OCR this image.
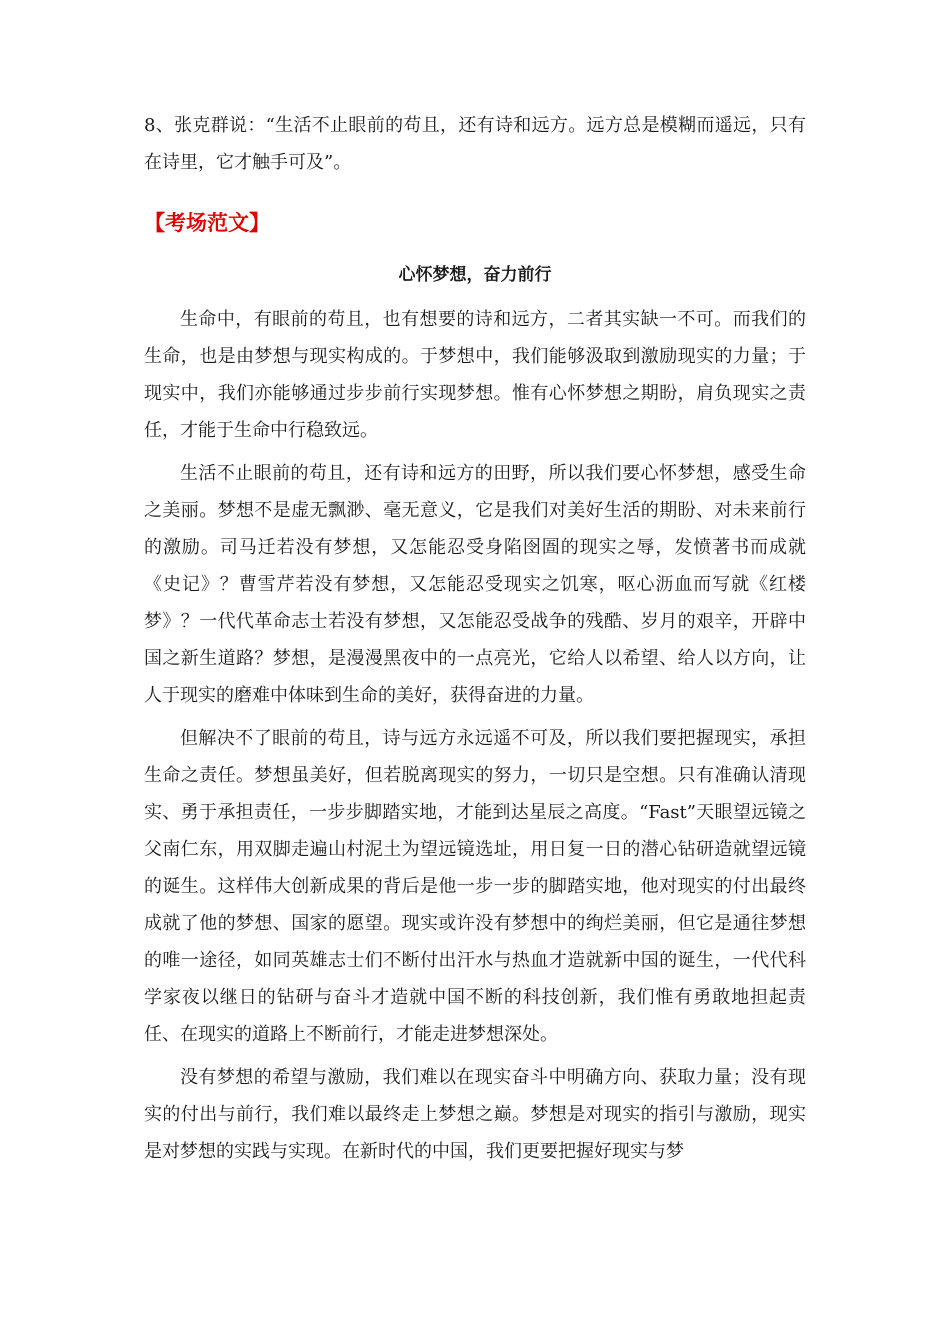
8、张克群说：“生活不止眼前的苟且，还有诗和远方。远方总是模糊而遥远，只有在诗里，它才触手可及”。

【考场范文】
心怀梦想，奋力前行

生命中，有眼前的苟且，也有想要的诗和远方，二者其实缺一不可。而我们的生命，也是由梦想与现实构成的。于梦想中，我们能够汲取到激励现实的力量；于现实中，我们亦能够通过步步前行实现梦想。惟有心怀梦想之期盼，肩负现实之责任，才能于生命中行稳致远。

生活不止眼前的苟且，还有诗和远方的田野，所以我们要心怀梦想，感受生命之美丽。梦想不是虚无飘渺、毫无意义，它是我们对美好生活的期盼、对未来前行的激励。司马迁若没有梦想，又怎能忍受身陷囹圄的现实之辱，发愤著书而成就《史记》？曹雪芹若没有梦想，又怎能忍受现实之饥寒，呕心沥血而写就《红楼梦》？一代代革命志士若没有梦想，又怎能忍受战争的残酷、岁月的艰辛，开辟中国之新生道路？梦想，是漫漫黑夜中的一点亮光，它给人以希望、给人以方向，让人于现实的磨难中体味到生命的美好，获得奋进的力量。

但解决不了眼前的苟且，诗与远方永远遥不可及，所以我们要把握现实，承担生命之责任。梦想虽美好，但若脱离现实的努力，一切只是空想。只有准确认清现实、勇于承担责任，一步步脚踏实地，才能到达星辰之高度。“Fast”天眼望远镜之父南仁东，用双脚走遍山村泥土为望远镜选址，用日复一日的潜心钻研造就望远镜的诞生。这样伟大创新成果的背后是他一步一步的脚踏实地，他对现实的付出最终成就了他的梦想、国家的愿望。现实或许没有梦想中的绚烂美丽，但它是通往梦想的唯一途径，如同英雄志士们不断付出汗水与热血才造就新中国的诞生，一代代科学家夜以继日的钻研与奋斗才造就中国不断的科技创新，我们惟有勇敢地担起责任、在现实的道路上不断前行，才能走进梦想深处。

没有梦想的希望与激励，我们难以在现实奋斗中明确方向、获取力量；没有现实的付出与前行，我们难以最终走上梦想之巅。梦想是对现实的指引与激励，现实是对梦想的实践与实现。在新时代的中国，我们更要把握好现实与梦
